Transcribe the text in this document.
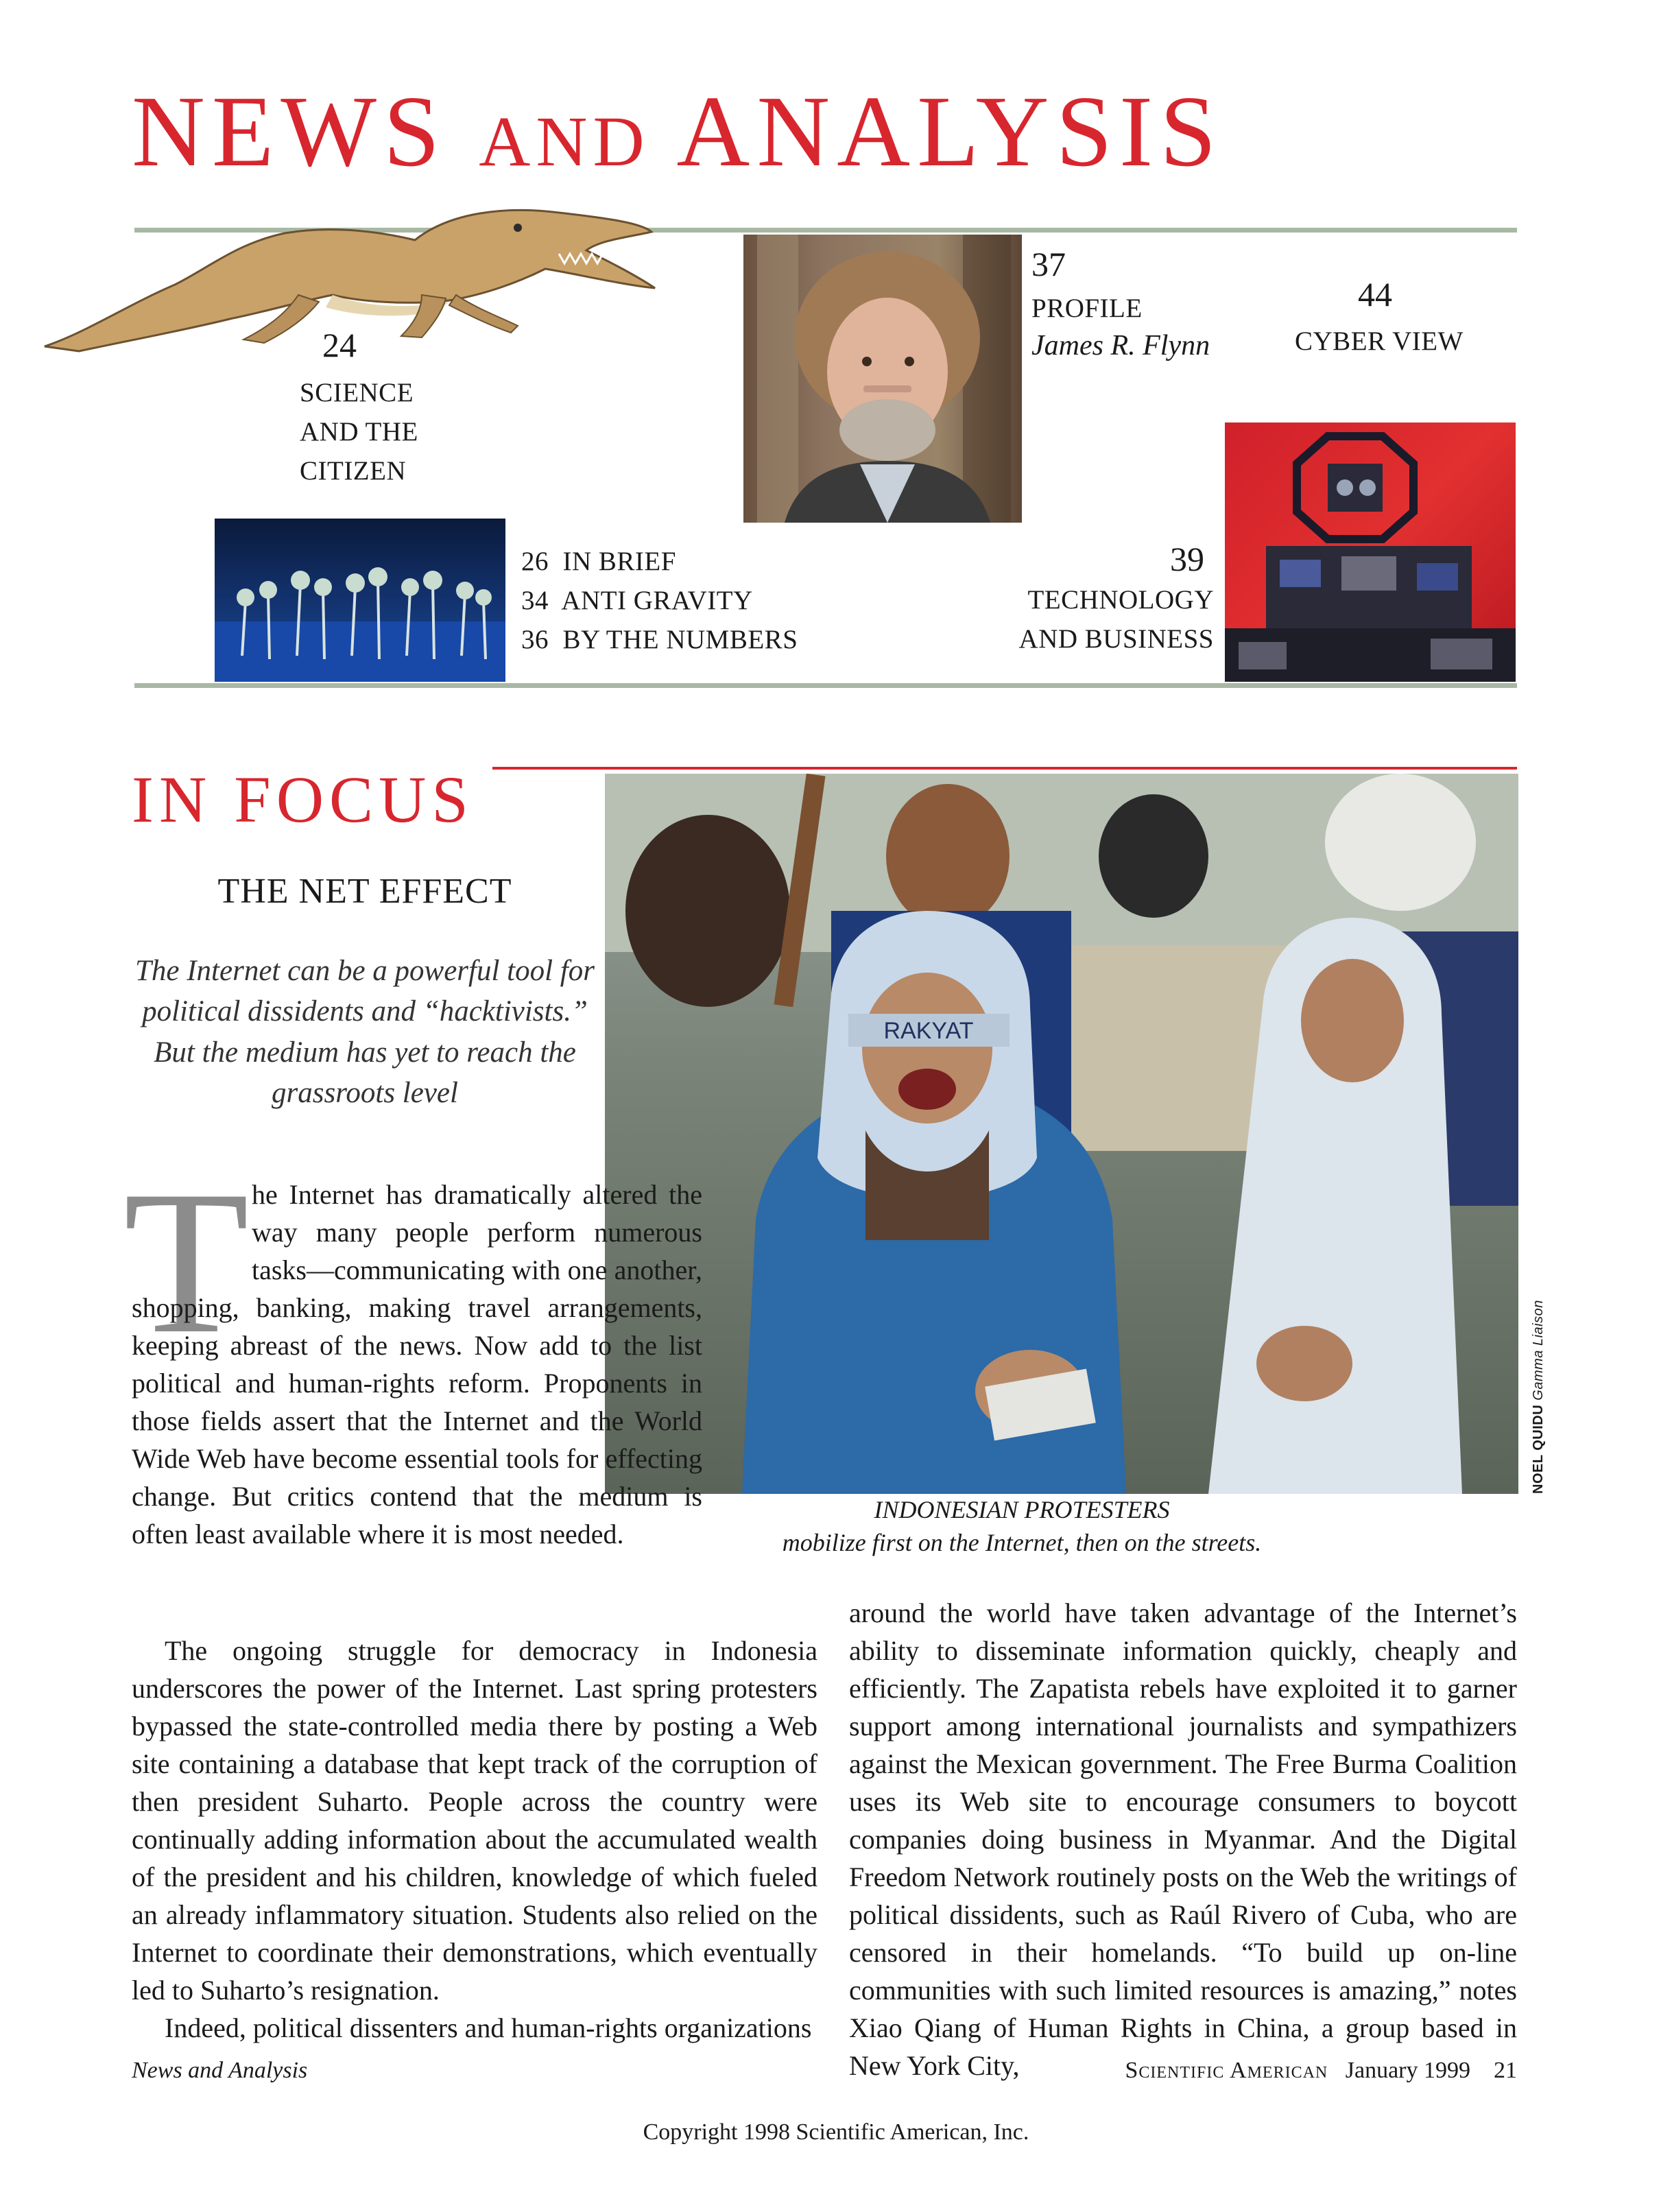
NEWS AND ANALYSIS
24
SCIENCE
AND THE
CITIZEN
37
PROFILE
James R. Flynn
44
CYBER VIEW
26 IN BRIEF
34 ANTI GRAVITY
36 BY THE NUMBERS
39
TECHNOLOGY
AND BUSINESS
IN FOCUS
THE NET EFFECT
The Internet can be a powerful tool for political dissidents and “hacktivists.” But the medium has yet to reach the grassroots level
RAKYAT
NOEL QUIDU Gamma Liaison
INDONESIAN PROTESTERS
mobilize first on the Internet, then on the streets.
T he Internet has dramatically altered the way many people perform numerous tasks—communicating with one another, shopping, banking, making travel arrangements, keeping abreast of the news. Now add to the list political and human-rights reform. Proponents in those fields assert that the Internet and the World Wide Web have become essential tools for effecting change. But critics contend that the medium is often least available where it is most needed.

The ongoing struggle for democracy in Indonesia underscores the power of the Internet. Last spring protesters bypassed the state-controlled media there by posting a Web site containing a database that kept track of the corruption of then president Suharto. People across the country were continually adding information about the accumulated wealth of the president and his children, knowledge of which fueled an already inflammatory situation. Students also relied on the Internet to coordinate their demonstrations, which eventually led to Suharto’s resignation.

Indeed, political dissenters and human-rights organizations

around the world have taken advantage of the Internet’s ability to disseminate information quickly, cheaply and efficiently. The Zapatista rebels have exploited it to garner support among international journalists and sympathizers against the Mexican government. The Free Burma Coalition uses its Web site to encourage consumers to boycott companies doing business in Myanmar. And the Digital Freedom Network routinely posts on the Web the writings of political dissidents, such as Raúl Rivero of Cuba, who are censored in their homelands. “To build up on-line communities with such limited resources is amazing,” notes Xiao Qiang of Human Rights in China, a group based in New York City,

News and Analysis	Scientific American January 1999 21
Copyright 1998 Scientific American, Inc.
